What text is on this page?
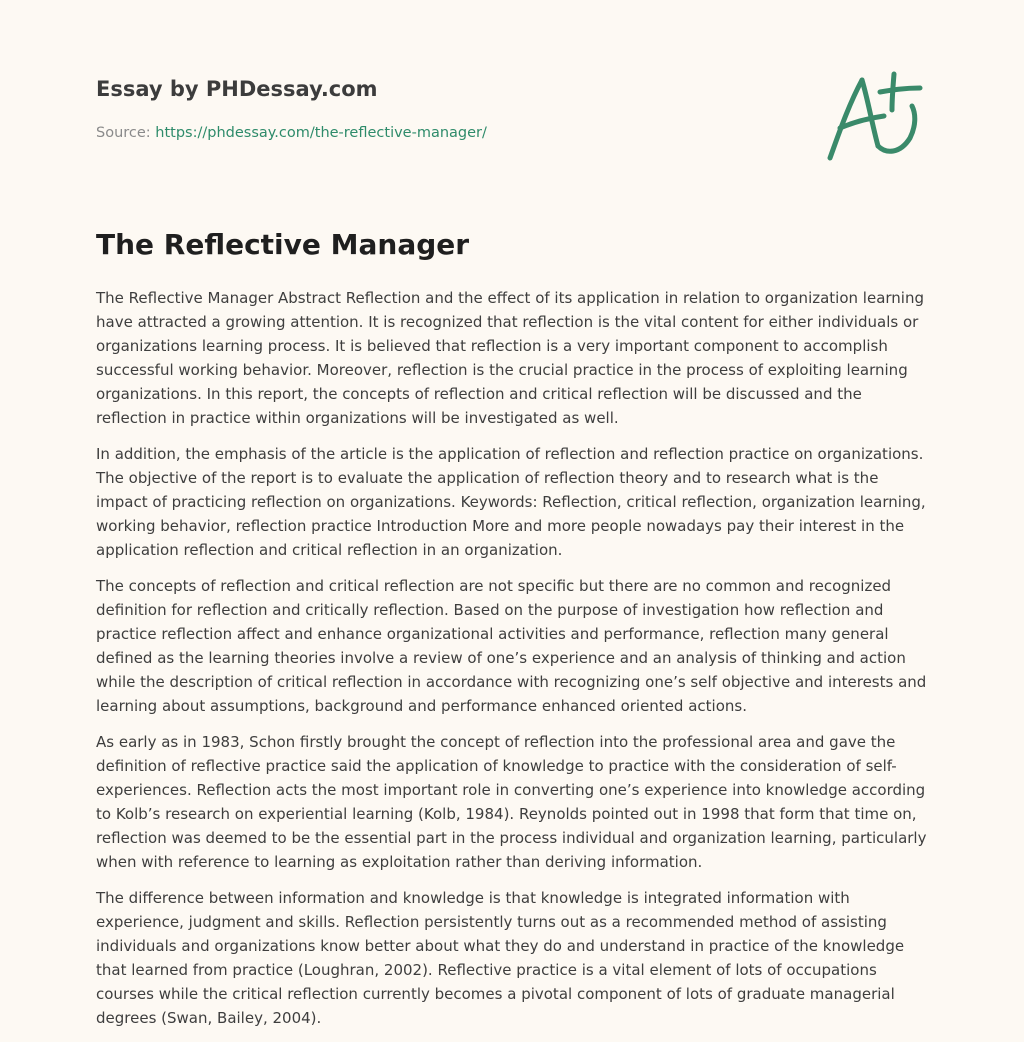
Essay by PHDessay.com
Source: https://phdessay.com/the-reflective-manager/
The Reflective Manager

The Reflective Manager Abstract Reflection and the effect of its application in relation to organization learning have attracted a growing attention. It is recognized that reflection is the vital content for either individuals or organizations learning process. It is believed that reflection is a very important component to accomplish successful working behavior. Moreover, reflection is the crucial practice in the process of exploiting learning organizations. In this report, the concepts of reflection and critical reflection will be discussed and the reflection in practice within organizations will be investigated as well.

In addition, the emphasis of the article is the application of reflection and reflection practice on organizations. The objective of the report is to evaluate the application of reflection theory and to research what is the impact of practicing reflection on organizations. Keywords: Reflection, critical reflection, organization learning, working behavior, reflection practice Introduction More and more people nowadays pay their interest in the application reflection and critical reflection in an organization.

The concepts of reflection and critical reflection are not specific but there are no common and recognized definition for reflection and critically reflection. Based on the purpose of investigation how reflection and practice reflection affect and enhance organizational activities and performance, reflection many general defined as the learning theories involve a review of one’s experience and an analysis of thinking and action while the description of critical reflection in accordance with recognizing one’s self objective and interests and learning about assumptions, background and performance enhanced oriented actions.

As early as in 1983, Schon firstly brought the concept of reflection into the professional area and gave the definition of reflective practice said the application of knowledge to practice with the consideration of self-experiences. Reflection acts the most important role in converting one’s experience into knowledge according to Kolb’s research on experiential learning (Kolb, 1984). Reynolds pointed out in 1998 that form that time on, reflection was deemed to be the essential part in the process individual and organization learning, particularly when with reference to learning as exploitation rather than deriving information.

The difference between information and knowledge is that knowledge is integrated information with experience, judgment and skills. Reflection persistently turns out as a recommended method of assisting individuals and organizations know better about what they do and understand in practice of the knowledge that learned from practice (Loughran, 2002). Reflective practice is a vital element of lots of occupations courses while the critical reflection currently becomes a pivotal component of lots of graduate managerial degrees (Swan, Bailey, 2004).
